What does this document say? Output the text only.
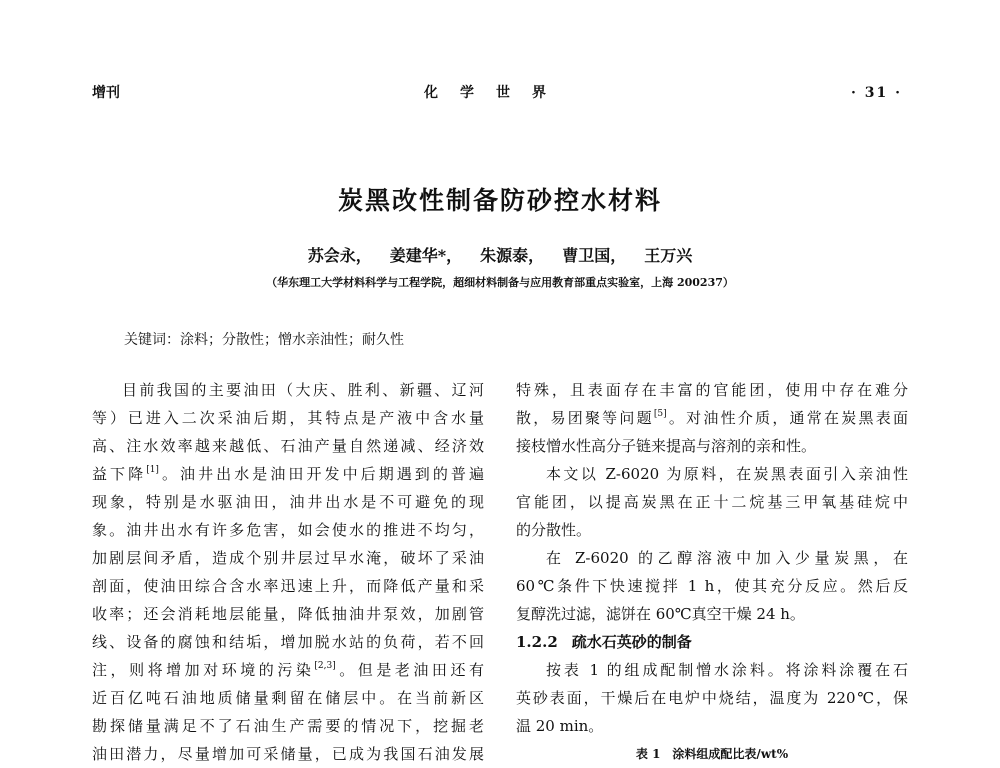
增刊	化学世界	· 31 ·
炭黑改性制备防砂控水材料
苏会永， 姜建华*， 朱源泰， 曹卫国， 王万兴
（华东理工大学材料科学与工程学院，超细材料制备与应用教育部重点实验室，上海 200237）
关键词：涂料；分散性；憎水亲油性；耐久性
目前我国的主要油田（大庆、胜利、新疆、辽河
等）已进入二次采油后期，其特点是产液中含水量
高、注水效率越来越低、石油产量自然递减、经济效
益下降[1]。油井出水是油田开发中后期遇到的普遍
现象，特别是水驱油田，油井出水是不可避免的现
象。油井出水有许多危害，如会使水的推进不均匀，
加剧层间矛盾，造成个别井层过早水淹，破坏了采油
剖面，使油田综合含水率迅速上升，而降低产量和采
收率；还会消耗地层能量，降低抽油井泵效，加剧管
线、设备的腐蚀和结垢，增加脱水站的负荷，若不回
注，则将增加对环境的污染[2,3]。但是老油田还有
近百亿吨石油地质储量剩留在储层中。在当前新区
勘探储量满足不了石油生产需要的情况下，挖掘老
油田潜力，尽量增加可采储量，已成为我国石油发展
特殊，且表面存在丰富的官能团，使用中存在难分
散，易团聚等问题[5]。对油性介质，通常在炭黑表面
接枝憎水性高分子链来提高与溶剂的亲和性。
本文以 Z-6020 为原料，在炭黑表面引入亲油性
官能团，以提高炭黑在正十二烷基三甲氧基硅烷中
的分散性。
在 Z-6020 的乙醇溶液中加入少量炭黑，在
60℃条件下快速搅拌 1 h，使其充分反应。然后反
复醇洗过滤，滤饼在 60℃真空干燥 24 h。
1.2.2 疏水石英砂的制备
按表 1 的组成配制憎水涂料。将涂料涂覆在石
英砂表面，干燥后在电炉中烧结，温度为 220℃，保
温 20 min。
表 1　涂料组成配比表/wt%
